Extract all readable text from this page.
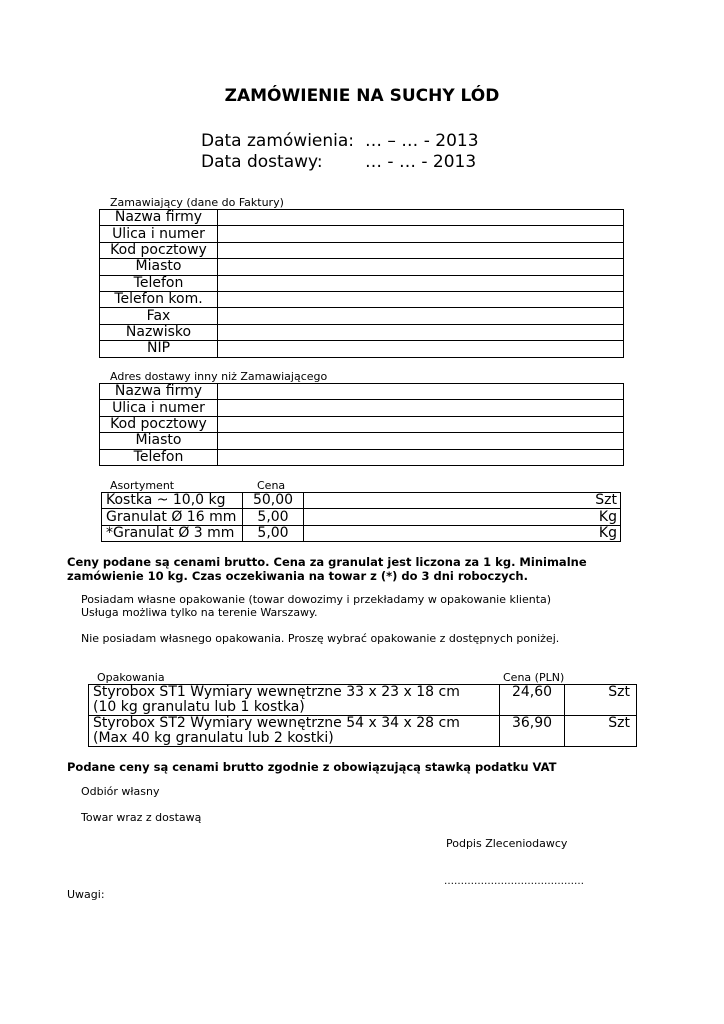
ZAMÓWIENIE NA SUCHY LÓD
Data zamówienia: … – … - 2013
Data dostawy: … - … - 2013
Zamawiający (dane do Faktury)
Nazwa firmy	
Ulica i numer	
Kod pocztowy	
Miasto	
Telefon	
Telefon kom.	
Fax	
Nazwisko	
NIP	
Adres dostawy inny niż Zamawiającego
Nazwa firmy	
Ulica i numer	
Kod pocztowy	
Miasto	
Telefon	
Asortyment	Cena
Kostka ~ 10,0 kg	50,00	Szt
Granulat Ø 16 mm	5,00	Kg
*Granulat Ø 3 mm	5,00	Kg
Ceny podane są cenami brutto. Cena za granulat jest liczona za 1 kg. Minimalne zamówienie 10 kg. Czas oczekiwania na towar z (*) do 3 dni roboczych.
Posiadam własne opakowanie (towar dowozimy i przekładamy w opakowanie klienta)
Usługa możliwa tylko na terenie Warszawy.
Nie posiadam własnego opakowania. Proszę wybrać opakowanie z dostępnych poniżej.
Opakowania	Cena (PLN)
Styrobox ST1 Wymiary wewnętrzne 33 x 23 x 18 cm
(10 kg granulatu lub 1 kostka)	24,60	Szt

Styrobox ST2 Wymiary wewnętrzne 54 x 34 x 28 cm
(Max 40 kg granulatu lub 2 kostki)	36,90	Szt
Podane ceny są cenami brutto zgodnie z obowiązującą stawką podatku VAT
Odbiór własny
Towar wraz z dostawą
Podpis Zleceniodawcy
……………………………………
Uwagi:
